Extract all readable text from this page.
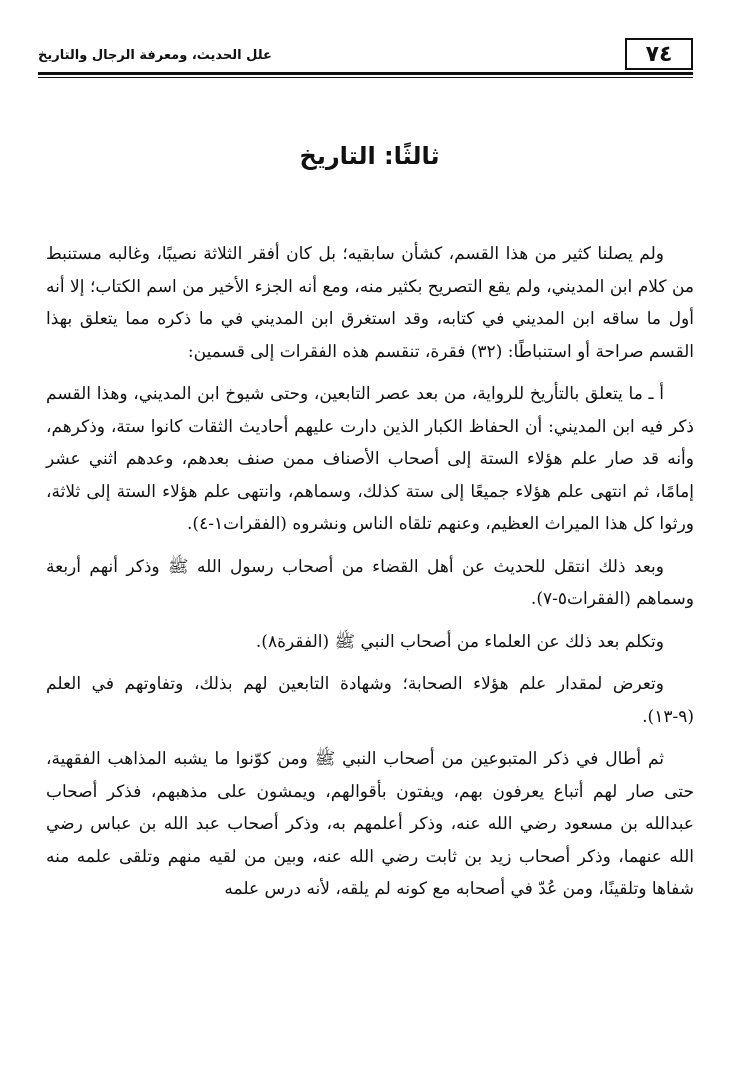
٧٤
علل الحديث، ومعرفة الرجال والتاريخ
ثالثًا: التاريخ

ولم يصلنا كثير من هذا القسم، كشأن سابقيه؛ بل كان أفقر الثلاثة نصيبًا، وغالبه مستنبط من كلام ابن المديني، ولم يقع التصريح بكثير منه، ومع أنه الجزء الأخير من اسم الكتاب؛ إلا أنه أول ما ساقه ابن المديني في كتابه، وقد استغرق ابن المديني في ما ذكره مما يتعلق بهذا القسم صراحة أو استنباطًا: (٣٢) فقرة، تنقسم هذه الفقرات إلى قسمين:

أ ـ ما يتعلق بالتأريخ للرواية، من بعد عصر التابعين، وحتى شيوخ ابن المديني، وهذا القسم ذكر فيه ابن المديني: أن الحفاظ الكبار الذين دارت عليهم أحاديث الثقات كانوا ستة، وذكرهم، وأنه قد صار علم هؤلاء الستة إلى أصحاب الأصناف ممن صنف بعدهم، وعدهم اثني عشر إمامًا، ثم انتهى علم هؤلاء جميعًا إلى ستة كذلك، وسماهم، وانتهى علم هؤلاء الستة إلى ثلاثة، ورثوا كل هذا الميراث العظيم، وعنهم تلقاه الناس ونشروه (الفقرات١-٤).

وبعد ذلك انتقل للحديث عن أهل القضاء من أصحاب رسول الله ﷺ وذكر أنهم أربعة وسماهم (الفقرات٥-٧).

وتكلم بعد ذلك عن العلماء من أصحاب النبي ﷺ (الفقرة٨).

وتعرض لمقدار علم هؤلاء الصحابة؛ وشهادة التابعين لهم بذلك، وتفاوتهم في العلم (٩-١٣).

ثم أطال في ذكر المتبوعين من أصحاب النبي ﷺ ومن كوّنوا ما يشبه المذاهب الفقهية، حتى صار لهم أتباع يعرفون بهم، ويفتون بأقوالهم، ويمشون على مذهبهم، فذكر أصحاب عبدالله بن مسعود رضي الله عنه، وذكر أعلمهم به، وذكر أصحاب عبد الله بن عباس رضي الله عنهما، وذكر أصحاب زيد بن ثابت رضي الله عنه، وبين من لقيه منهم وتلقى علمه منه شفاها وتلقينًا، ومن عُدّ في أصحابه مع كونه لم يلقه، لأنه درس علمه
